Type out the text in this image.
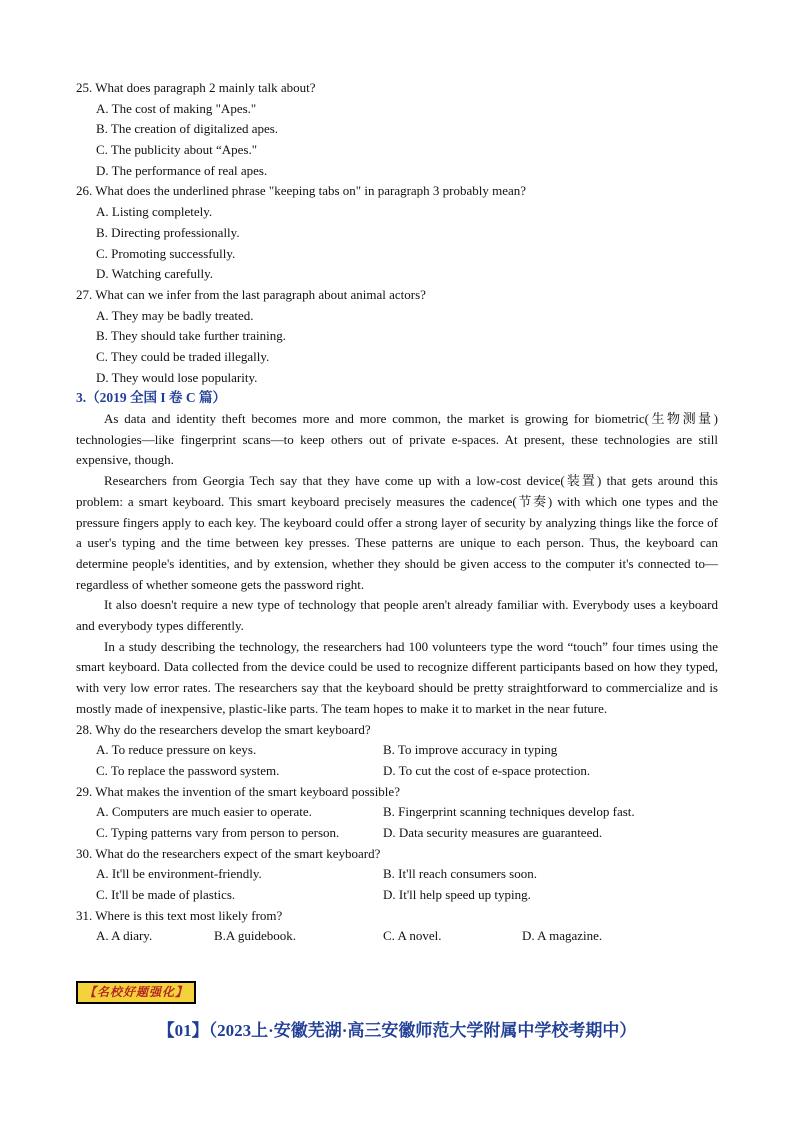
25. What does paragraph 2 mainly talk about?
A. The cost of making "Apes."
B. The creation of digitalized apes.
C. The publicity about “Apes."
D. The performance of real apes.
26. What does the underlined phrase "keeping tabs on" in paragraph 3 probably mean?
A. Listing completely.
B. Directing professionally.
C. Promoting successfully.
D. Watching carefully.
27. What can we infer from the last paragraph about animal actors?
A. They may be badly treated.
B. They should take further training.
C. They could be traded illegally.
D. They would lose popularity.
3.（2019 全国 I 卷 C 篇）

As data and identity theft becomes more and more common, the market is growing for biometric(生物测量) technologies—like fingerprint scans—to keep others out of private e-spaces. At present, these technologies are still expensive, though.

Researchers from Georgia Tech say that they have come up with a low-cost device(装置) that gets around this problem: a smart keyboard. This smart keyboard precisely measures the cadence(节奏) with which one types and the pressure fingers apply to each key. The keyboard could offer a strong layer of security by analyzing things like the force of a user's typing and the time between key presses. These patterns are unique to each person. Thus, the keyboard can determine people's identities, and by extension, whether they should be given access to the computer it's connected to—regardless of whether someone gets the password right.

It also doesn't require a new type of technology that people aren't already familiar with. Everybody uses a keyboard and everybody types differently.

In a study describing the technology, the researchers had 100 volunteers type the word “touch” four times using the smart keyboard. Data collected from the device could be used to recognize different participants based on how they typed, with very low error rates. The researchers say that the keyboard should be pretty straightforward to commercialize and is mostly made of inexpensive, plastic-like parts. The team hopes to make it to market in the near future.

28. Why do the researchers develop the smart keyboard?
A. To reduce pressure on keys.	B. To improve accuracy in typing
C. To replace the password system.	D. To cut the cost of e-space protection.
29. What makes the invention of the smart keyboard possible?
A. Computers are much easier to operate.	B. Fingerprint scanning techniques develop fast.
C. Typing patterns vary from person to person.	D. Data security measures are guaranteed.
30. What do the researchers expect of the smart keyboard?
A. It'll be environment-friendly.	B. It'll reach consumers soon.
C. It'll be made of plastics.	D. It'll help speed up typing.
31. Where is this text most likely from?
A. A diary.	B.A guidebook.	C. A novel.	D. A magazine.
【名校好题强化】
【01】（2023上·安徽芜湖·高三安徽师范大学附属中学校考期中）
